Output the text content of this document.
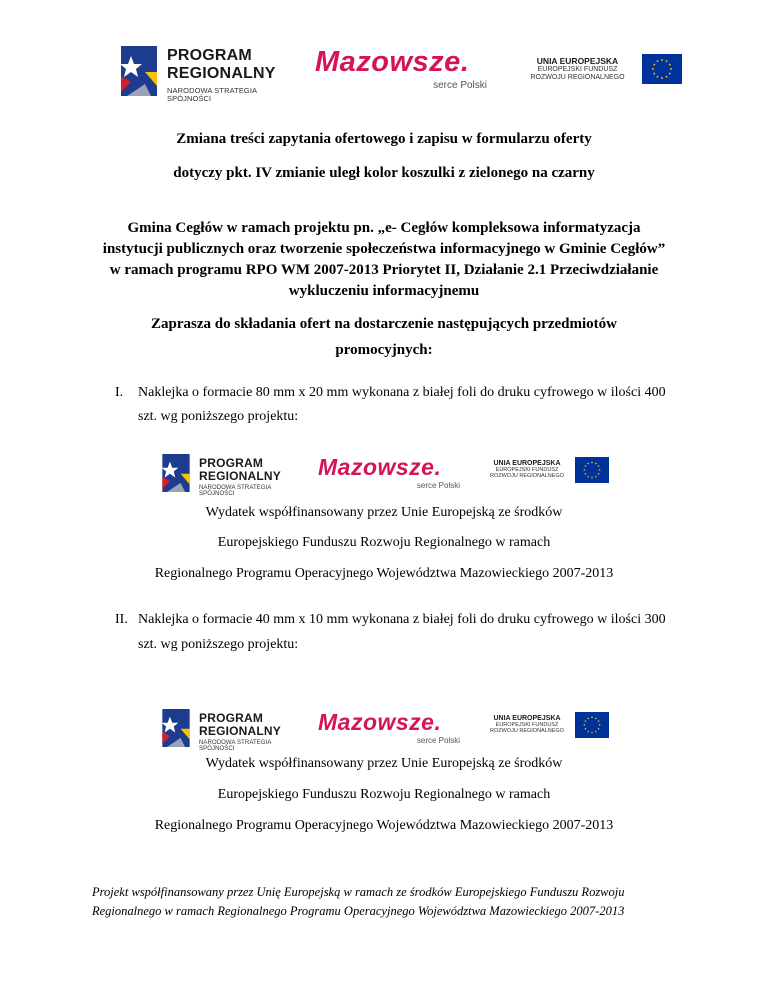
PROGRAM
REGIONALNY
NARODOWA STRATEGIA SPÓJNOŚCI
Mazowsze.
serce Polski
UNIA EUROPEJSKA
EUROPEJSKI FUNDUSZ
ROZWOJU REGIONALNEGO
Zmiana treści zapytania ofertowego i zapisu w formularzu oferty
dotyczy pkt. IV zmianie uległ kolor koszulki z zielonego na czarny
Gmina Cegłów w ramach projektu pn. „e- Cegłów kompleksowa informatyzacja
instytucji publicznych oraz tworzenie społeczeństwa informacyjnego w Gminie Cegłów”
w ramach programu RPO WM 2007-2013 Priorytet II, Działanie 2.1 Przeciwdziałanie
wykluczeniu informacyjnemu
Zaprasza do składania ofert na dostarczenie następujących przedmiotów
promocyjnych:
I. Naklejka o formacie 80 mm x 20 mm wykonana z białej foli do druku cyfrowego w ilości 400
szt. wg poniższego projektu:
PROGRAM
REGIONALNY
NARODOWA STRATEGIA SPÓJNOŚCI
Mazowsze.
serce Polski
UNIA EUROPEJSKA
EUROPEJSKI FUNDUSZ
ROZWOJU REGIONALNEGO
Wydatek współfinansowany przez Unie Europejską ze środków
Europejskiego Funduszu Rozwoju Regionalnego w ramach
Regionalnego Programu Operacyjnego Województwa Mazowieckiego 2007-2013
II. Naklejka o formacie 40 mm x 10 mm wykonana z białej foli do druku cyfrowego w ilości 300
szt. wg poniższego projektu:
PROGRAM
REGIONALNY
NARODOWA STRATEGIA SPÓJNOŚCI
Mazowsze.
serce Polski
UNIA EUROPEJSKA
EUROPEJSKI FUNDUSZ
ROZWOJU REGIONALNEGO
Wydatek współfinansowany przez Unie Europejską ze środków
Europejskiego Funduszu Rozwoju Regionalnego w ramach
Regionalnego Programu Operacyjnego Województwa Mazowieckiego 2007-2013
Projekt współfinansowany przez Unię Europejską w ramach ze środków Europejskiego Funduszu Rozwoju
Regionalnego w ramach Regionalnego Programu Operacyjnego Województwa Mazowieckiego 2007-2013
